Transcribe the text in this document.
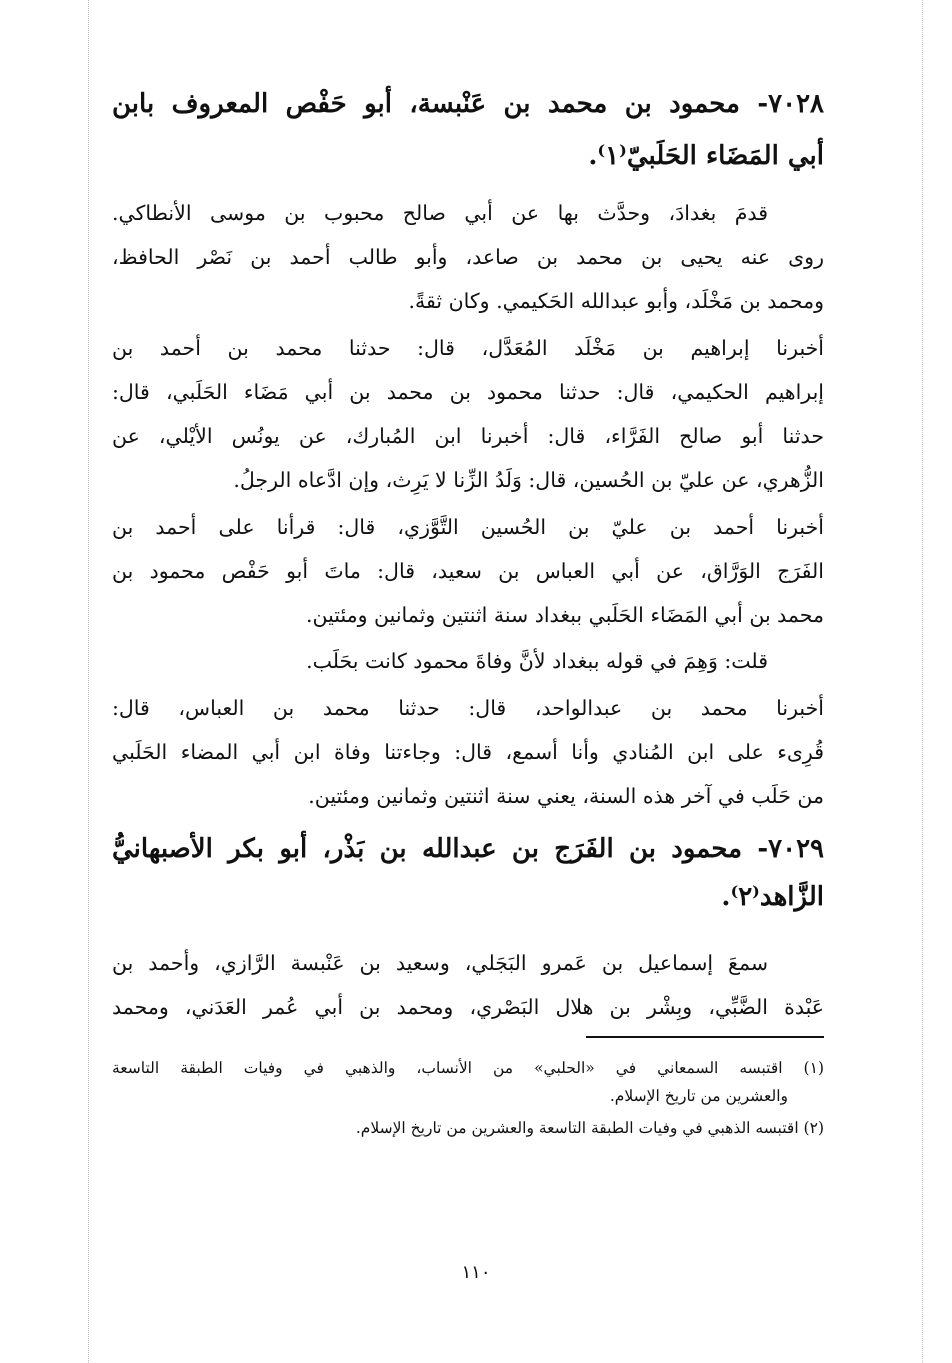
٧٠٢٨- محمود بن محمد بن عَنْبسة، أبو حَفْص المعروف بابن
أبي المَضَاء الحَلَبيّ⁽١⁾.
قدمَ بغدادَ، وحدَّث بها عن أبي صالح محبوب بن موسى الأنطاكي.
روى عنه يحيى بن محمد بن صاعد، وأبو طالب أحمد بن نَصْر الحافظ،
ومحمد بن مَخْلَد، وأبو عبدالله الحَكيمي. وكان ثقةً.
أخبرنا إبراهيم بن مَخْلَد المُعَدَّل، قال: حدثنا محمد بن أحمد بن
إبراهيم الحكيمي، قال: حدثنا محمود بن محمد بن أبي مَضَاء الحَلَبي، قال:
حدثنا أبو صالح الفَرَّاء، قال: أخبرنا ابن المُبارك، عن يونُس الأيْلي، عن
الزُّهري، عن عليّ بن الحُسين، قال: وَلَدُ الزِّنا لا يَرِث، وإن ادَّعاه الرجلُ.
أخبرنا أحمد بن عليّ بن الحُسين التَّوَّزي، قال: قرأنا على أحمد بن
الفَرَج الوَرَّاق، عن أبي العباس بن سعيد، قال: ماتَ أبو حَفْص محمود بن
محمد بن أبي المَضَاء الحَلَبي ببغداد سنة اثنتين وثمانين ومئتين.
قلت: وَهِمَ في قوله ببغداد لأنَّ وفاةَ محمود كانت بحَلَب.
أخبرنا محمد بن عبدالواحد، قال: حدثنا محمد بن العباس، قال:
قُرِىء على ابن المُنادي وأنا أسمع، قال: وجاءتنا وفاة ابن أبي المضاء الحَلَبي
من حَلَب في آخر هذه السنة، يعني سنة اثنتين وثمانين ومئتين.
٧٠٢٩- محمود بن الفَرَج بن عبدالله بن بَذْر، أبو بكر الأصبهانيُّ
الزَّاهد⁽٢⁾.
سمعَ إسماعيل بن عَمرو البَجَلي، وسعيد بن عَنْبسة الرَّازي، وأحمد بن
عَبْدة الضَّبِّي، وبِشْر بن هلال البَصْري، ومحمد بن أبي عُمر العَدَني، ومحمد
(١) اقتبسه السمعاني في «الحلبي» من الأنساب، والذهبي في وفيات الطبقة التاسعة
والعشرين من تاريخ الإسلام.
(٢) اقتبسه الذهبي في وفيات الطبقة التاسعة والعشرين من تاريخ الإسلام.
١١٠
